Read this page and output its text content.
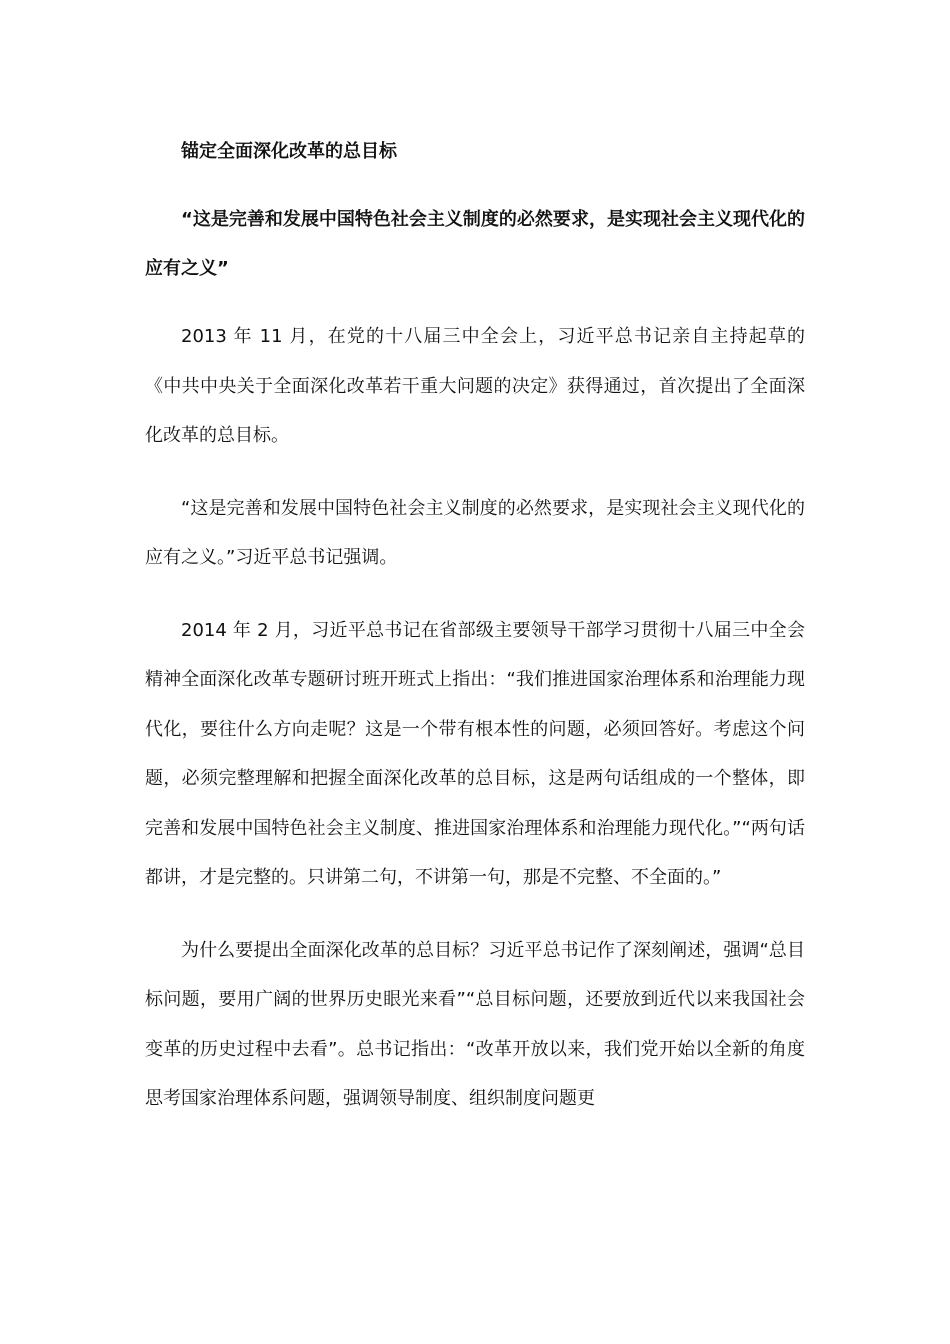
锚定全面深化改革的总目标
“这是完善和发展中国特色社会主义制度的必然要求，是实现社会主义现代化的应有之义”

2013 年 11 月，在党的十八届三中全会上，习近平总书记亲自主持起草的《中共中央关于全面深化改革若干重大问题的决定》获得通过，首次提出了全面深化改革的总目标。

“这是完善和发展中国特色社会主义制度的必然要求，是实现社会主义现代化的应有之义。”习近平总书记强调。

2014 年 2 月，习近平总书记在省部级主要领导干部学习贯彻十八届三中全会精神全面深化改革专题研讨班开班式上指出：“我们推进国家治理体系和治理能力现代化，要往什么方向走呢？这是一个带有根本性的问题，必须回答好。考虑这个问题，必须完整理解和把握全面深化改革的总目标，这是两句话组成的一个整体，即完善和发展中国特色社会主义制度、推进国家治理体系和治理能力现代化。”“两句话都讲，才是完整的。只讲第二句，不讲第一句，那是不完整、不全面的。”

为什么要提出全面深化改革的总目标？习近平总书记作了深刻阐述，强调“总目标问题，要用广阔的世界历史眼光来看”“总目标问题，还要放到近代以来我国社会变革的历史过程中去看”。总书记指出：“改革开放以来，我们党开始以全新的角度思考国家治理体系问题，强调领导制度、组织制度问题更
